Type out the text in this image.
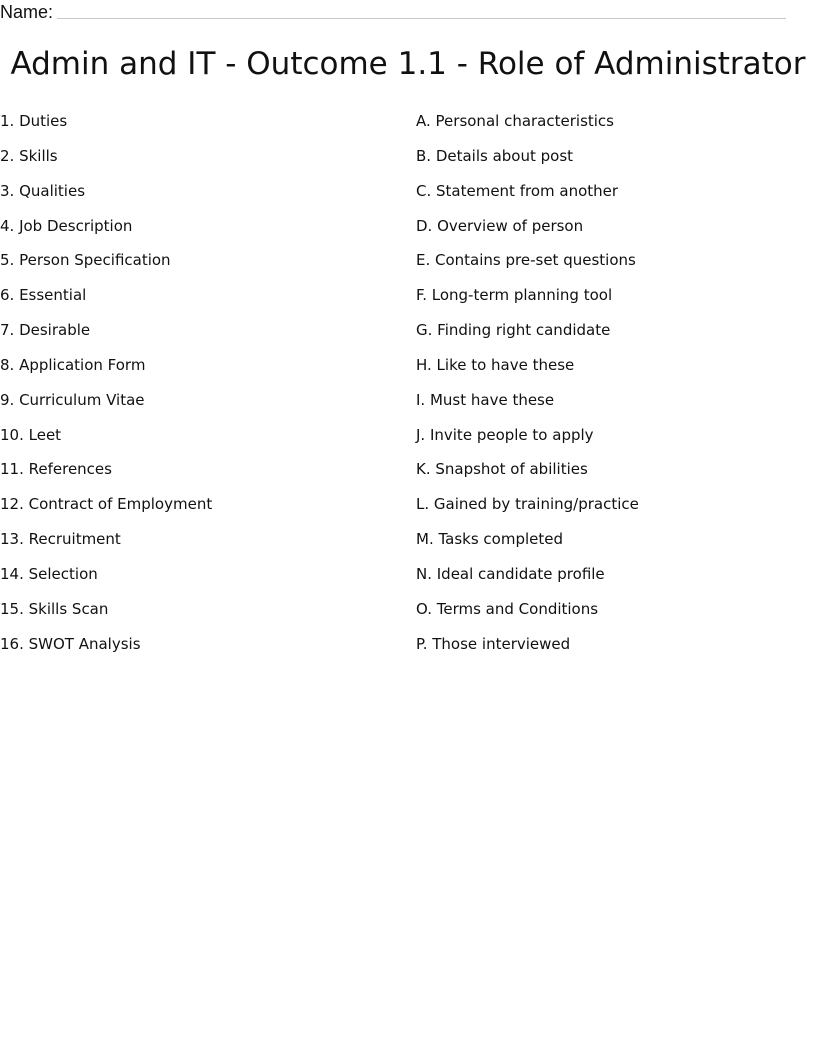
Name:
Admin and IT - Outcome 1.1 - Role of Administrator
1. Duties
2. Skills
3. Qualities
4. Job Description
5. Person Specification
6. Essential
7. Desirable
8. Application Form
9. Curriculum Vitae
10. Leet
11. References
12. Contract of Employment
13. Recruitment
14. Selection
15. Skills Scan
16. SWOT Analysis
A. Personal characteristics
B. Details about post
C. Statement from another
D. Overview of person
E. Contains pre-set questions
F. Long-term planning tool
G. Finding right candidate
H. Like to have these
I. Must have these
J. Invite people to apply
K. Snapshot of abilities
L. Gained by training/practice
M. Tasks completed
N. Ideal candidate profile
O. Terms and Conditions
P. Those interviewed
